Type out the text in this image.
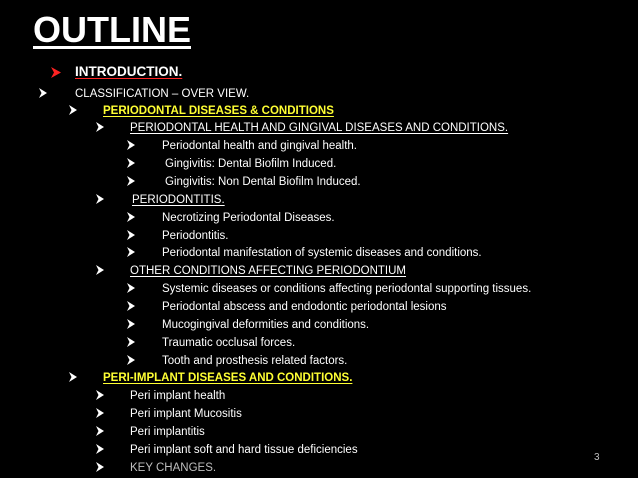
OUTLINE
INTRODUCTION.
CLASSIFICATION – OVER VIEW.
PERIODONTAL DISEASES & CONDITIONS
PERIODONTAL HEALTH AND GINGIVAL DISEASES AND CONDITIONS.
Periodontal health and gingival health.
Gingivitis: Dental Biofilm Induced.
Gingivitis: Non Dental Biofilm Induced.
PERIODONTITIS.
Necrotizing Periodontal Diseases.
Periodontitis.
Periodontal manifestation of systemic diseases and conditions.
OTHER CONDITIONS AFFECTING PERIODONTIUM
Systemic diseases or conditions affecting periodontal supporting tissues.
Periodontal abscess and endodontic periodontal lesions
Mucogingival deformities and conditions.
Traumatic occlusal forces.
Tooth and prosthesis related factors.
PERI-IMPLANT DISEASES AND CONDITIONS.
Peri implant health
Peri implant Mucositis
Peri implantitis
Peri implant soft and hard tissue deficiencies
KEY CHANGES.
3
